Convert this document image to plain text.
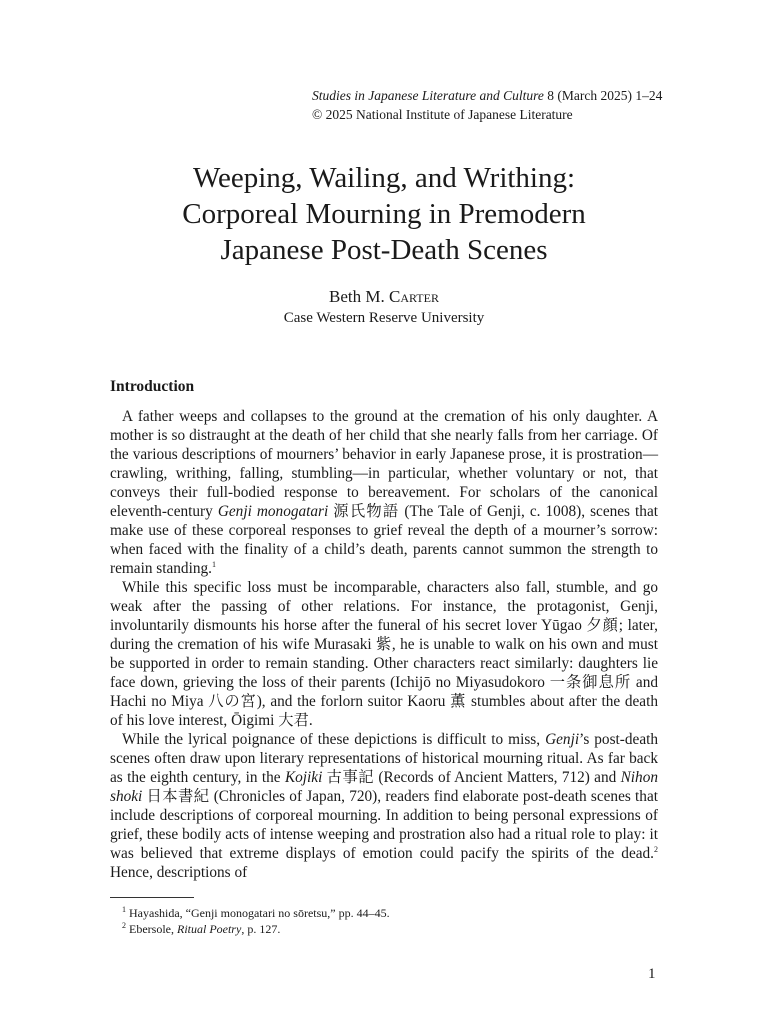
Studies in Japanese Literature and Culture 8 (March 2025) 1–24
© 2025 National Institute of Japanese Literature
Weeping, Wailing, and Writhing:
Corporeal Mourning in Premodern
Japanese Post-Death Scenes
Beth M. Carter
Case Western Reserve University
Introduction

A father weeps and collapses to the ground at the cremation of his only daughter. A mother is so distraught at the death of her child that she nearly falls from her carriage. Of the various descriptions of mourners’ behavior in early Japanese prose, it is prostration—crawling, writhing, falling, stumbling—in particular, whether voluntary or not, that conveys their full-bodied response to bereavement. For scholars of the canonical eleventh-century Genji monogatari 源氏物語 (The Tale of Genji, c. 1008), scenes that make use of these corporeal responses to grief reveal the depth of a mourner’s sorrow: when faced with the finality of a child’s death, parents cannot summon the strength to remain standing.$^1$

While this specific loss must be incomparable, characters also fall, stumble, and go weak after the passing of other relations. For instance, the protagonist, Genji, involuntarily dismounts his horse after the funeral of his secret lover Yūgao 夕顔; later, during the cremation of his wife Murasaki 紫, he is unable to walk on his own and must be supported in order to remain standing. Other characters react similarly: daughters lie face down, grieving the loss of their parents (Ichijō no Miyasudokoro 一条御息所 and Hachi no Miya 八の宮), and the forlorn suitor Kaoru 薫 stumbles about after the death of his love interest, Ōigimi 大君.

While the lyrical poignance of these depictions is difficult to miss, Genji’s post-death scenes often draw upon literary representations of historical mourning ritual. As far back as the eighth century, in the Kojiki 古事記 (Records of Ancient Matters, 712) and Nihon shoki 日本書紀 (Chronicles of Japan, 720), readers find elaborate post-death scenes that include descriptions of corporeal mourning. In addition to being personal expressions of grief, these bodily acts of intense weeping and prostration also had a ritual role to play: it was believed that extreme displays of emotion could pacify the spirits of the dead.$^2$ Hence, descriptions of

$^1$ Hayashida, “Genji monogatari no sōretsu,” pp. 44–45.
$^2$ Ebersole, Ritual Poetry, p. 127.
1
